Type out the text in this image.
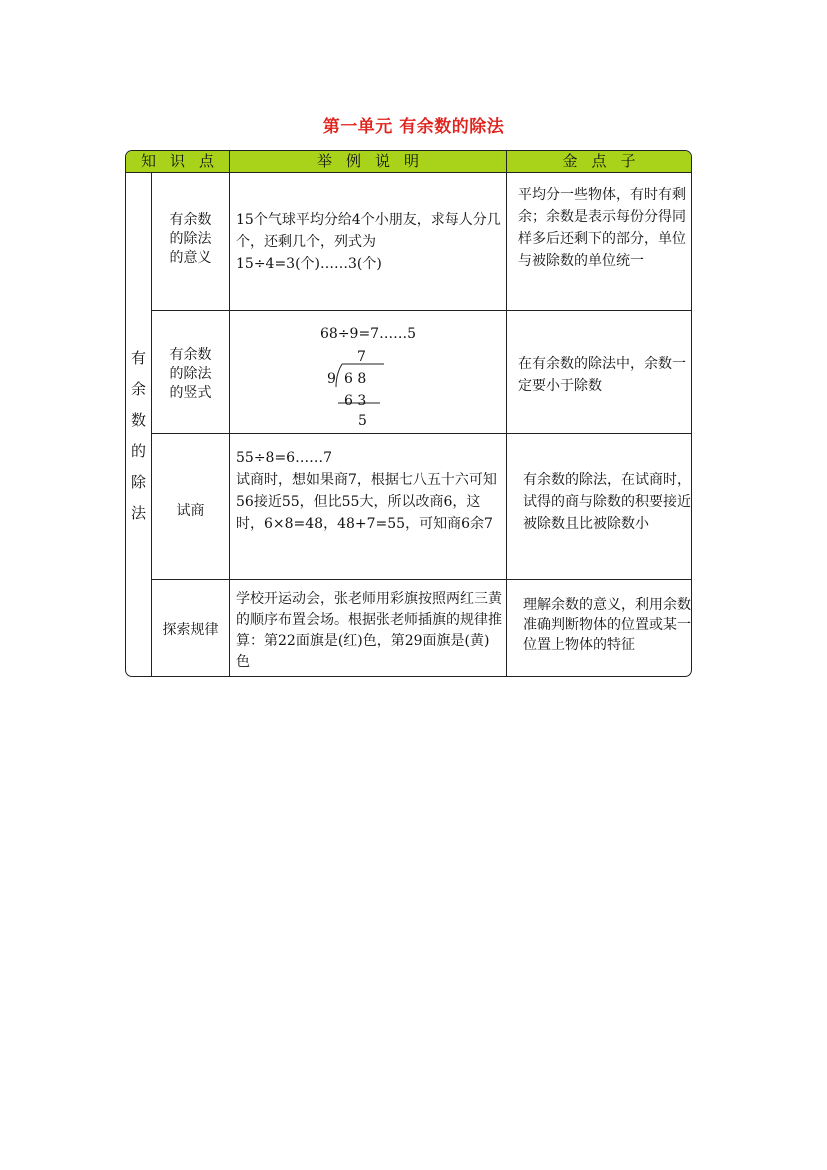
第一单元 有余数的除法
知识点	举例说明	金点子
有
余
数
的
除
法
有余数
的除法
的意义
15个气球平均分给4个小朋友，求每人分几个，还剩几个，列式为
15÷4=3(个)……3(个)
平均分一些物体，有时有剩余；余数是表示每份分得同样多后还剩下的部分，单位与被除数的单位统一
有余数
的除法
的竖式
68÷9=7……5
7
9 6 8
6 3
5
在有余数的除法中，余数一定要小于除数
试商
55÷8=6……7
试商时，想如果商7，根据七八五十六可知56接近55，但比55大，所以改商6，这时，6×8=48，48+7=55，可知商6余7
有余数的除法，在试商时，试得的商与除数的积要接近被除数且比被除数小
探索规律
学校开运动会，张老师用彩旗按照两红三黄的顺序布置会场。根据张老师插旗的规律推算：第22面旗是(红)色，第29面旗是(黄)色
理解余数的意义，利用余数准确判断物体的位置或某一位置上物体的特征
